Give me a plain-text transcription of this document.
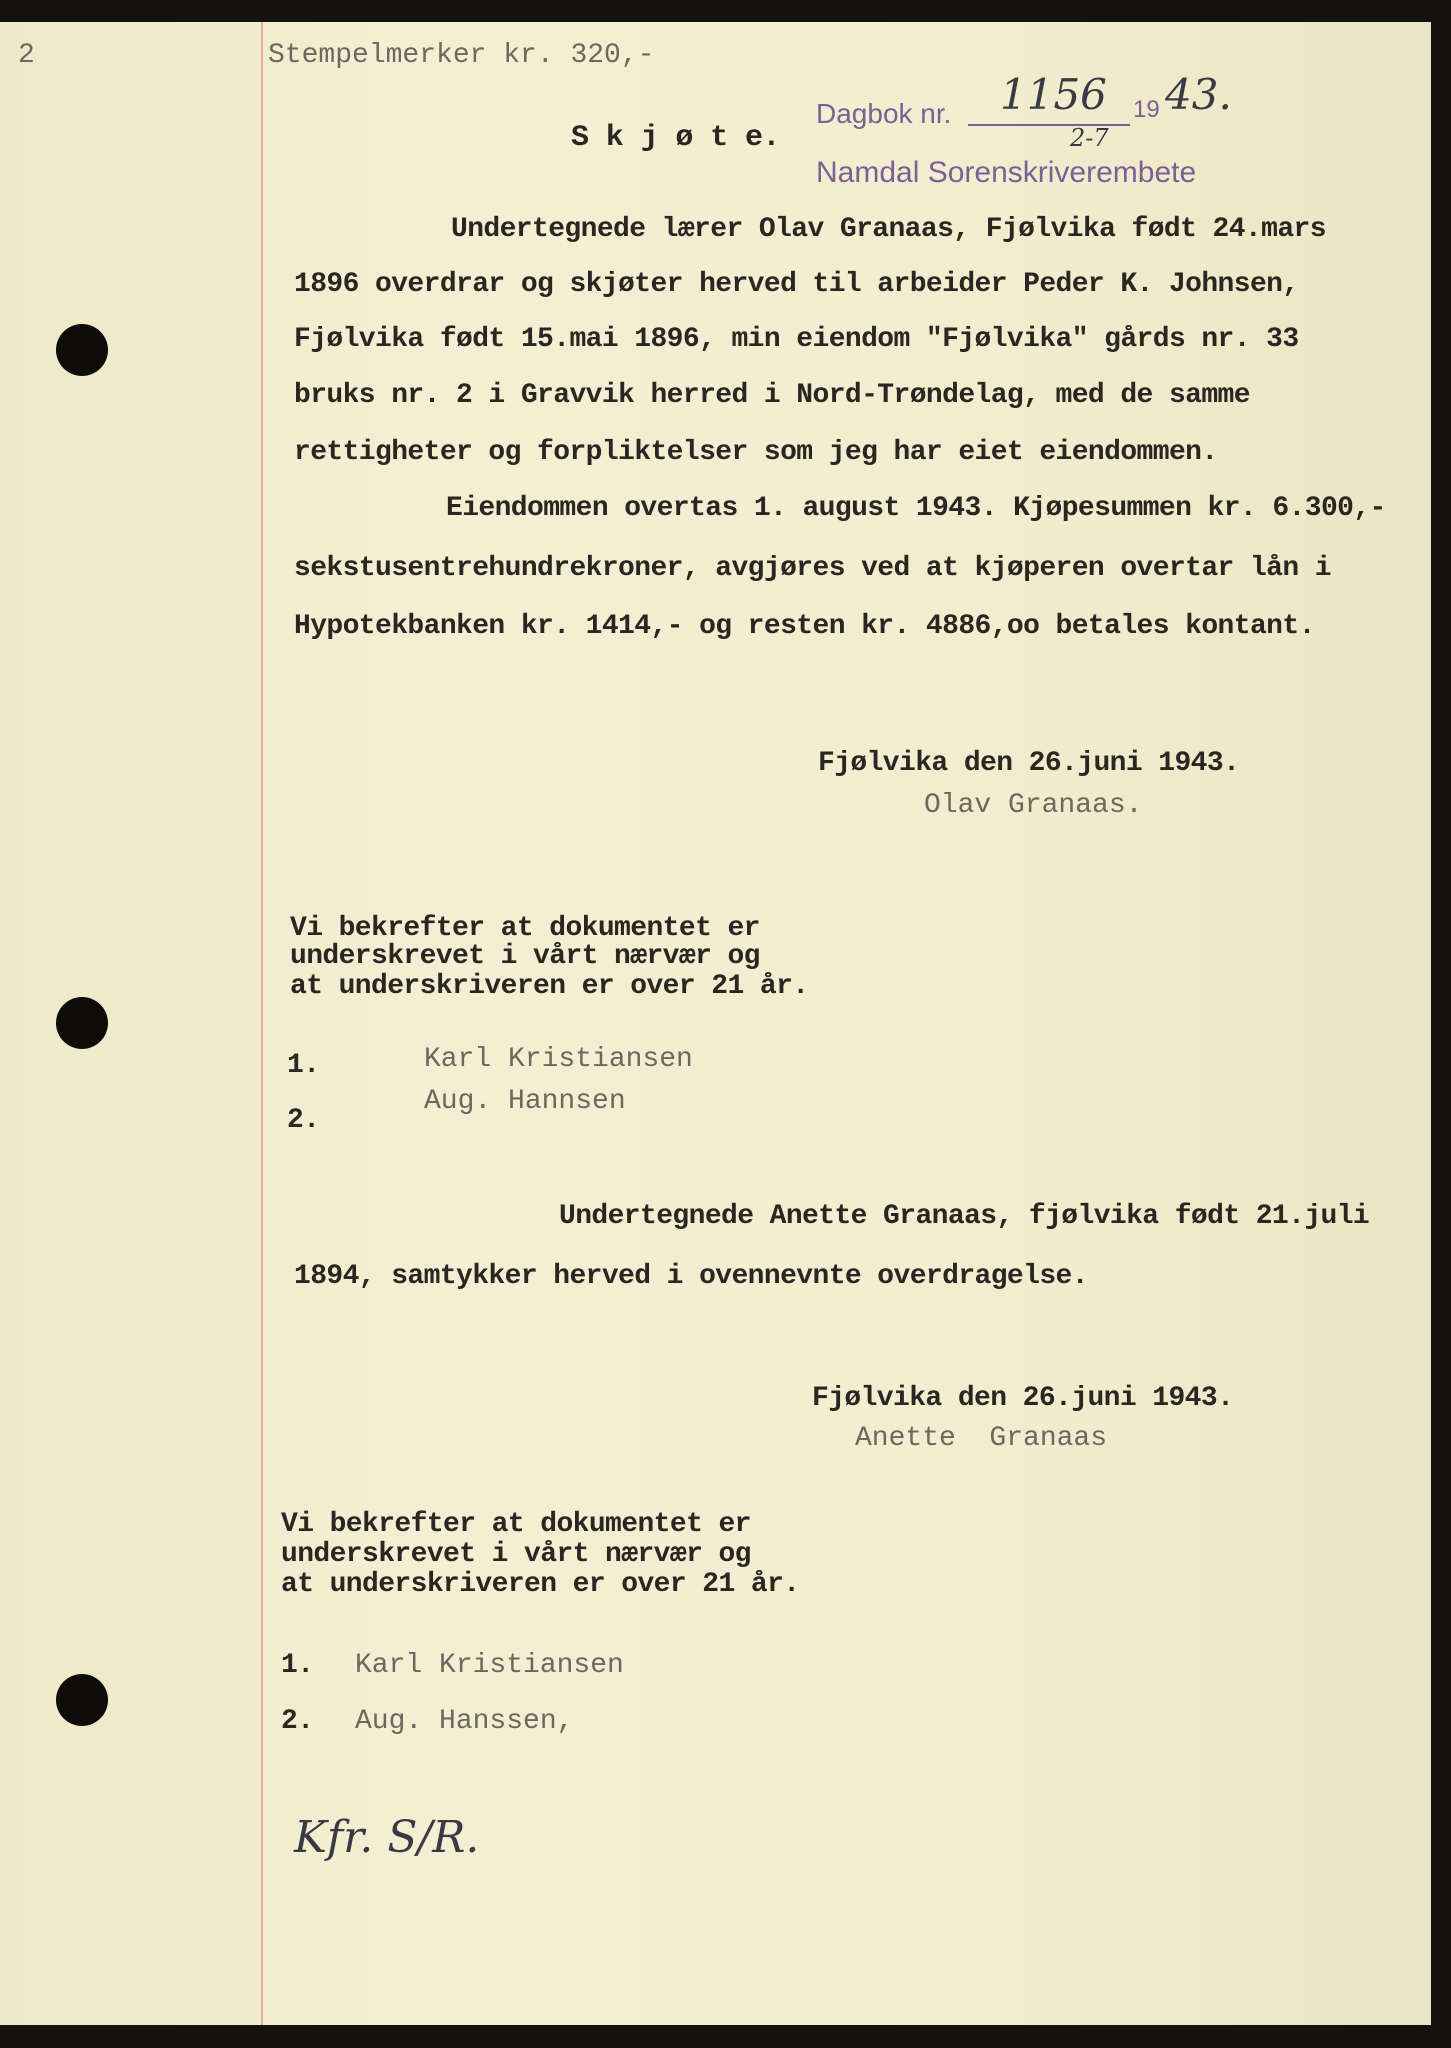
2	Stempelmerker kr. 320,-
S k j ø t e.
Dagbok nr. 1156 19 43.
2-7
Namdal Sorenskriverembete
Undertegnede lærer Olav Granaas, Fjølvika født 24.mars
1896 overdrar og skjøter herved til arbeider Peder K. Johnsen,
Fjølvika født 15.mai 1896, min eiendom "Fjølvika" gårds nr. 33
bruks nr. 2 i Gravvik herred i Nord-Trøndelag, med de samme
rettigheter og forpliktelser som jeg har eiet eiendommen.
Eiendommen overtas 1. august 1943. Kjøpesummen kr. 6.300,-
sekstusentrehundrekroner, avgjøres ved at kjøperen overtar lån i
Hypotekbanken kr. 1414,- og resten kr. 4886,oo betales kontant.
Fjølvika den 26.juni 1943.
Olav Granaas.
Vi bekrefter at dokumentet er
underskrevet i vårt nærvær og
at underskriveren er over 21 år.
1.	Karl Kristiansen
2.
Aug. Hannsen
Undertegnede Anette Granaas, fjølvika født 21.juli
1894, samtykker herved i ovennevnte overdragelse.
Fjølvika den 26.juni 1943.
Anette  Granaas
Vi bekrefter at dokumentet er
underskrevet i vårt nærvær og
at underskriveren er over 21 år.
1. Karl Kristiansen
2. Aug. Hanssen,
Kfr. S/R.
